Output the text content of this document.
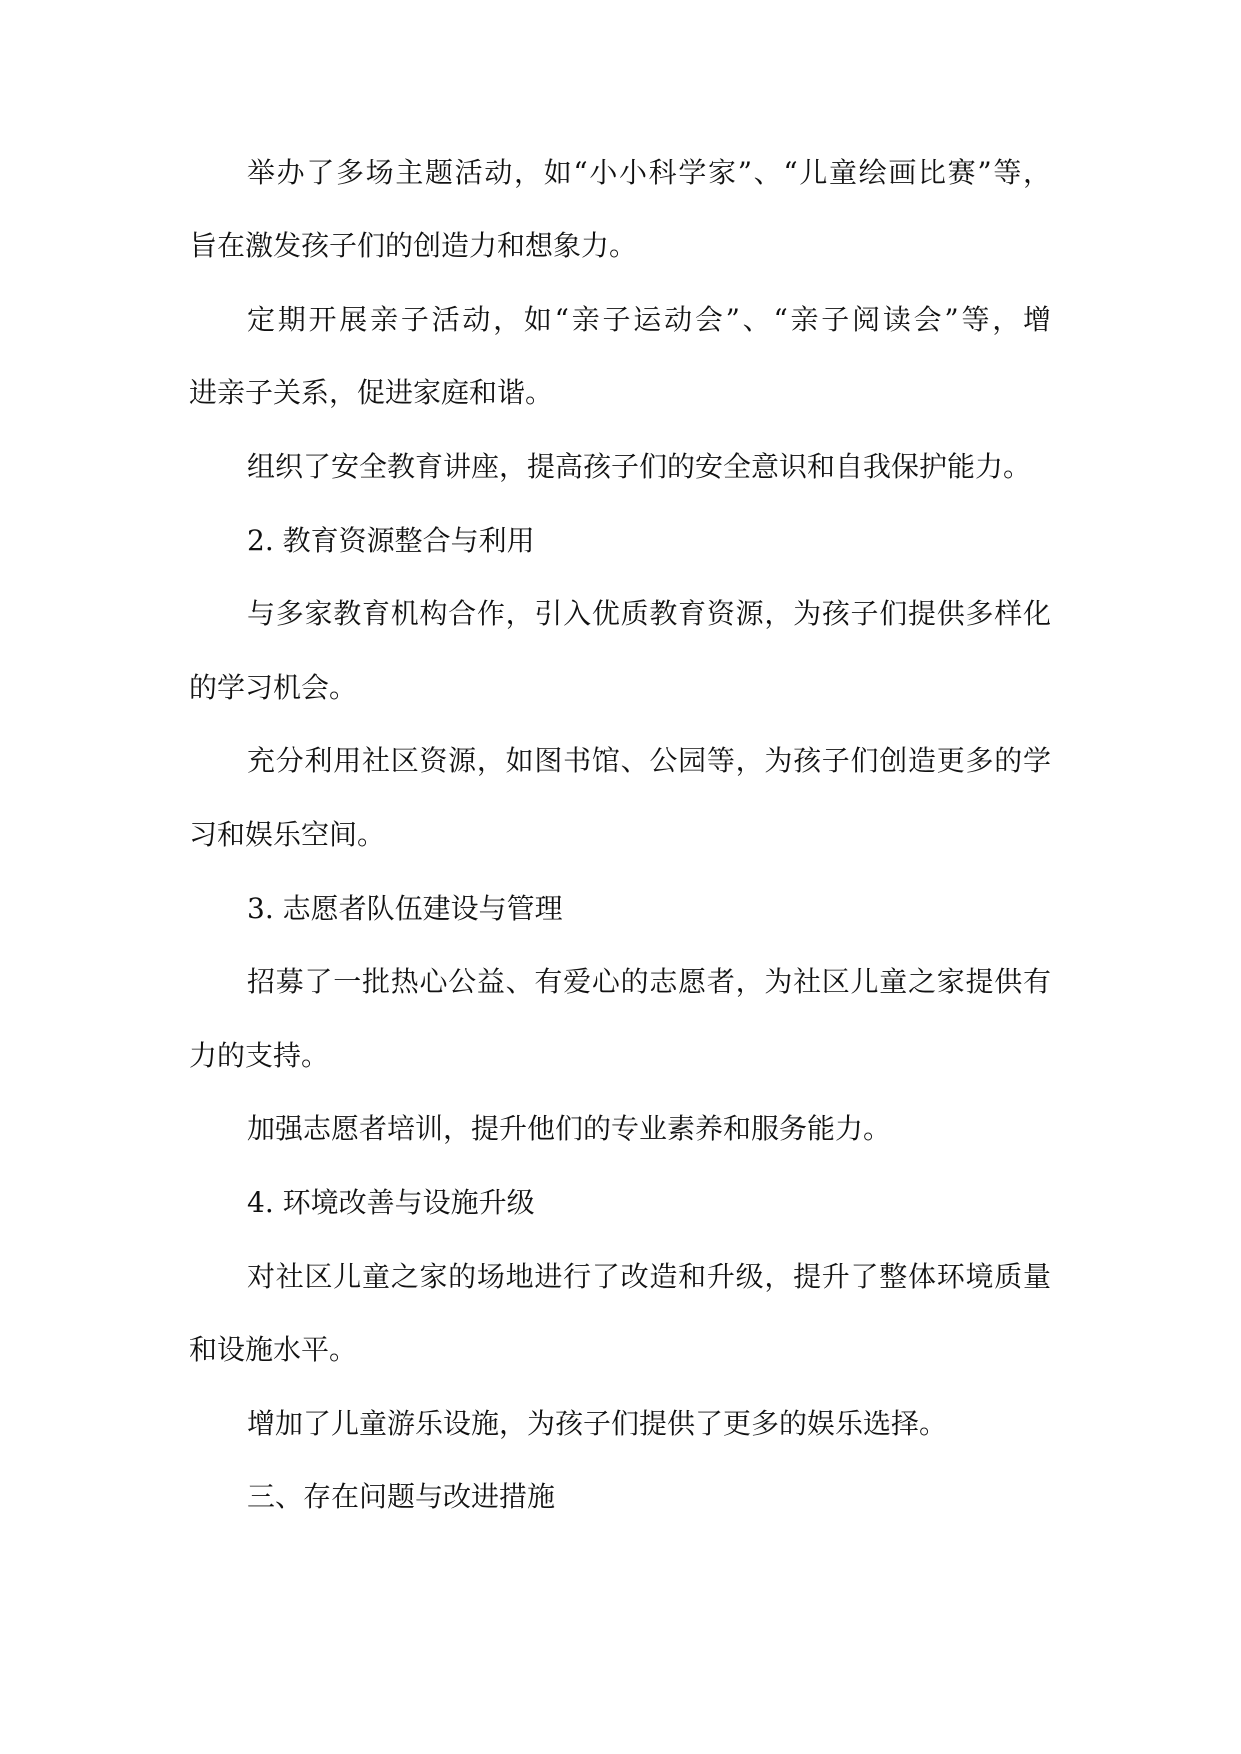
举办了多场主题活动，如“小小科学家”、“儿童绘画比赛”等，
旨在激发孩子们的创造力和想象力。
定期开展亲子活动，如“亲子运动会”、“亲子阅读会”等，增
进亲子关系，促进家庭和谐。
组织了安全教育讲座，提高孩子们的安全意识和自我保护能力。
2. 教育资源整合与利用
与多家教育机构合作，引入优质教育资源，为孩子们提供多样化
的学习机会。
充分利用社区资源，如图书馆、公园等，为孩子们创造更多的学
习和娱乐空间。
3. 志愿者队伍建设与管理
招募了一批热心公益、有爱心的志愿者，为社区儿童之家提供有
力的支持。
加强志愿者培训，提升他们的专业素养和服务能力。
4. 环境改善与设施升级
对社区儿童之家的场地进行了改造和升级，提升了整体环境质量
和设施水平。
增加了儿童游乐设施，为孩子们提供了更多的娱乐选择。
三、存在问题与改进措施
